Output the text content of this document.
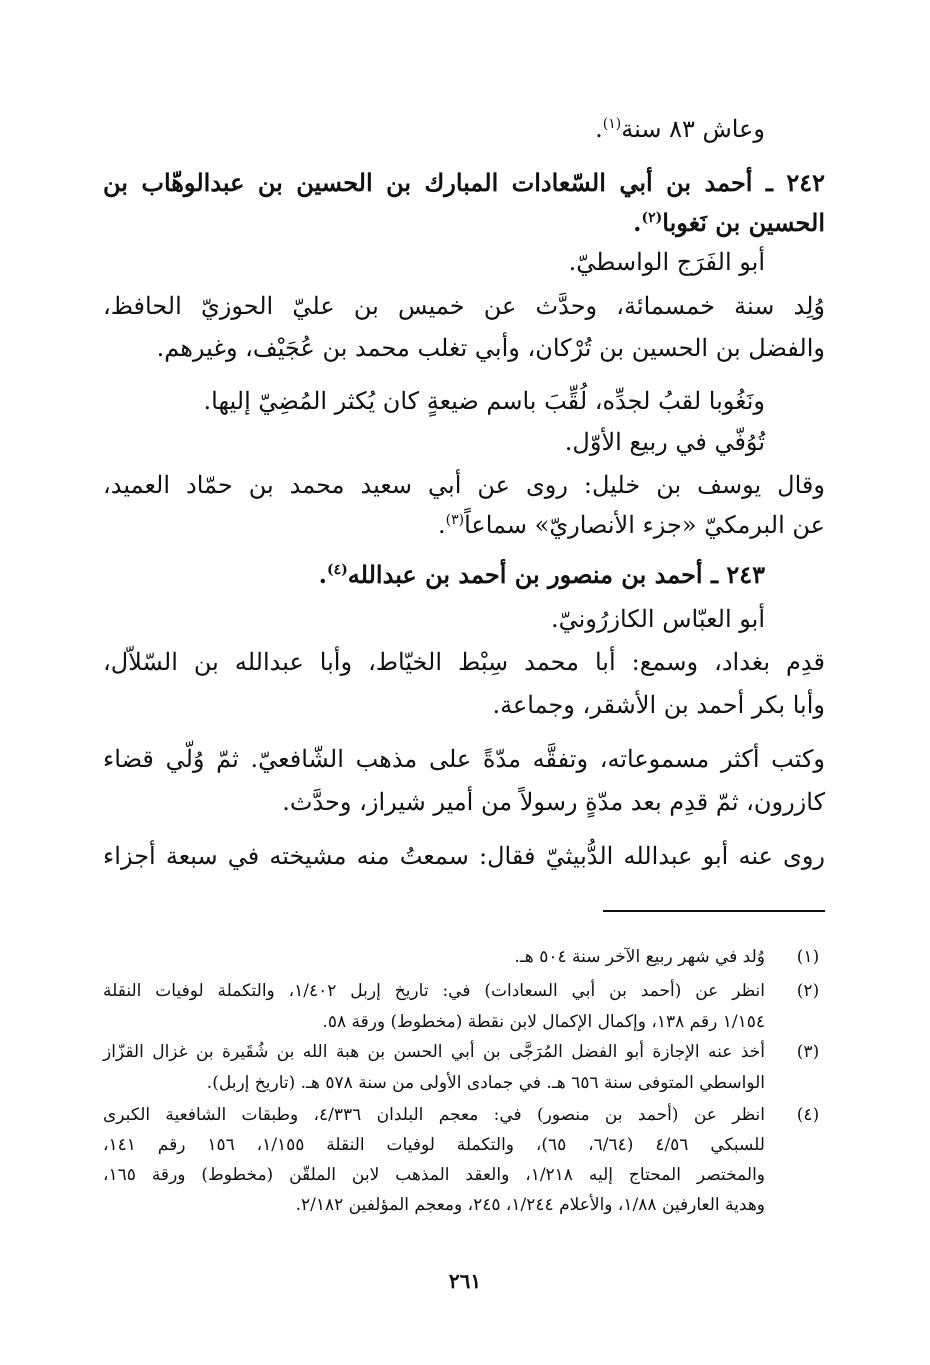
وعاش ٨٣ سنة$^{(١)}$.
٢٤٢ ـ أحمد بن أبي السّعادات المبارك بن الحسين بن عبدالوهّاب بن
الحسين بن نَغوبا$^{(٢)}$.
أبو الفَرَج الواسطيّ.
وُلِد سنة خمسمائة، وحدَّث عن خميس بن عليّ الحوزيّ الحافظ،
والفضل بن الحسين بن تُرْكان، وأبي تغلب محمد بن عُجَيْف، وغيرهم.
ونَغُوبا لقبُ لجدِّه، لُقِّبَ باسم ضيعةٍ كان يُكثر المُضِيّ إليها.
تُوُفّي في ربيع الأوّل.
وقال يوسف بن خليل: روى عن أبي سعيد محمد بن حمّاد العميد،
عن البرمكيّ «جزء الأنصاريّ» سماعاً$^{(٣)}$.
٢٤٣ ـ أحمد بن منصور بن أحمد بن عبدالله$^{(٤)}$.
أبو العبّاس الكازرُونيّ.
قدِم بغداد، وسمع: أبا محمد سِبْط الخيّاط، وأبا عبدالله بن السّلاّل،
وأبا بكر أحمد بن الأشقر، وجماعة.
وكتب أكثر مسموعاته، وتفقَّه مدّةً على مذهب الشّافعيّ. ثمّ وُلّي قضاء
كازرون، ثمّ قدِم بعد مدّةٍ رسولاً من أمير شيراز، وحدَّث.
روى عنه أبو عبدالله الدُّبيثيّ فقال: سمعتُ منه مشيخته في سبعة أجزاء
(١)
وُلد في شهر ربيع الآخر سنة ٥٠٤ هـ.
(٢)
انظر عن (أحمد بن أبي السعادات) في: تاريخ إربل ١/٤٠٢، والتكملة لوفيات النقلة
١/١٥٤ رقم ١٣٨، وإكمال الإكمال لابن نقطة (مخطوط) ورقة ٥٨.
(٣)
أخذ عنه الإجازة أبو الفضل المُرَجَّى بن أبي الحسن بن هبة الله بن شُقَيرة بن غزال القزّاز
الواسطي المتوفى سنة ٦٥٦ هـ. في جمادى الأولى من سنة ٥٧٨ هـ. (تاريخ إربل).
(٤)
انظر عن (أحمد بن منصور) في: معجم البلدان ٤/٣٣٦، وطبقات الشافعية الكبرى
للسبكي ٤/٥٦ (٦/٦٤، ٦٥)، والتكملة لوفيات النقلة ١/١٥٥، ١٥٦ رقم ١٤١،
والمختصر المحتاج إليه ١/٢١٨، والعقد المذهب لابن الملقّن (مخطوط) ورقة ١٦٥،
وهدية العارفين ١/٨٨، والأعلام ١/٢٤٤، ٢٤٥، ومعجم المؤلفين ٢/١٨٢.
٢٦١
